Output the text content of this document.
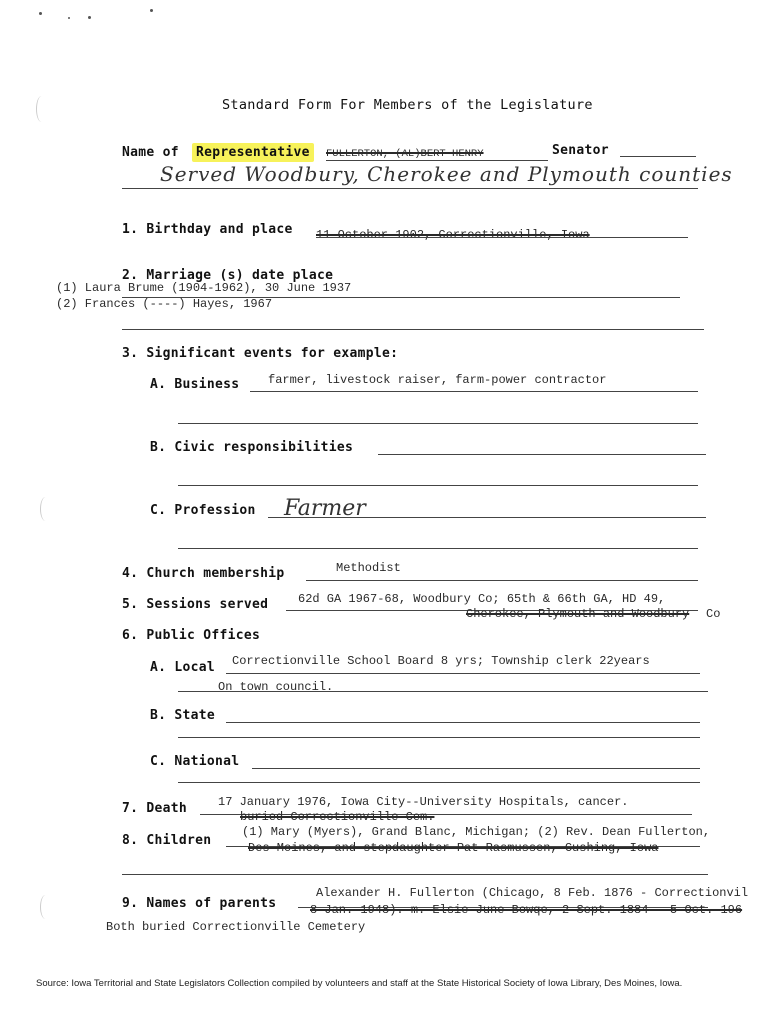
Standard Form For Members of the Legislature
Name of	Representative	FULLERTON, (AL)BERT HENRY	Senator
Served Woodbury, Cherokee and Plymouth counties
1. Birthday and place 11 October 1902, Correctionville, Iowa
2. Marriage (s) date place
(1) Laura Brume (1904-1962), 30 June 1937
(2) Frances (----) Hayes, 1967
3. Significant events for example:
A. Business farmer, livestock raiser, farm-power contractor
B. Civic responsibilities
C. Profession Farmer
4. Church membership	Methodist
5. Sessions served 62d GA 1967-68, Woodbury Co; 65th & 66th GA, HD 49,
Cherokee, Plymouth and Woodbury Co
6. Public Offices
A. Local Correctionville School Board 8 yrs; Township clerk 22years
On town council.
B. State
C. National
7. Death	17 January 1976, Iowa City--University Hospitals, cancer.
buried Correctionville Cem.
8. Children
(1) Mary (Myers), Grand Blanc, Michigan; (2) Rev. Dean Fullerton,
Des Moines, and stepdaughter Pat Rasmussen, Cushing, Iowa
9. Names of parents
Alexander H. Fullerton (Chicago, 8 Feb. 1876 - Correctionvil
8 Jan. 1948). m. Elsie June Bowqe, 2 Sept. 1884 - 5 Oct. 196
Both buried Correctionville Cemetery
Source: Iowa Territorial and State Legislators Collection compiled by volunteers and staff at the State Historical Society of Iowa Library, Des Moines, Iowa.
